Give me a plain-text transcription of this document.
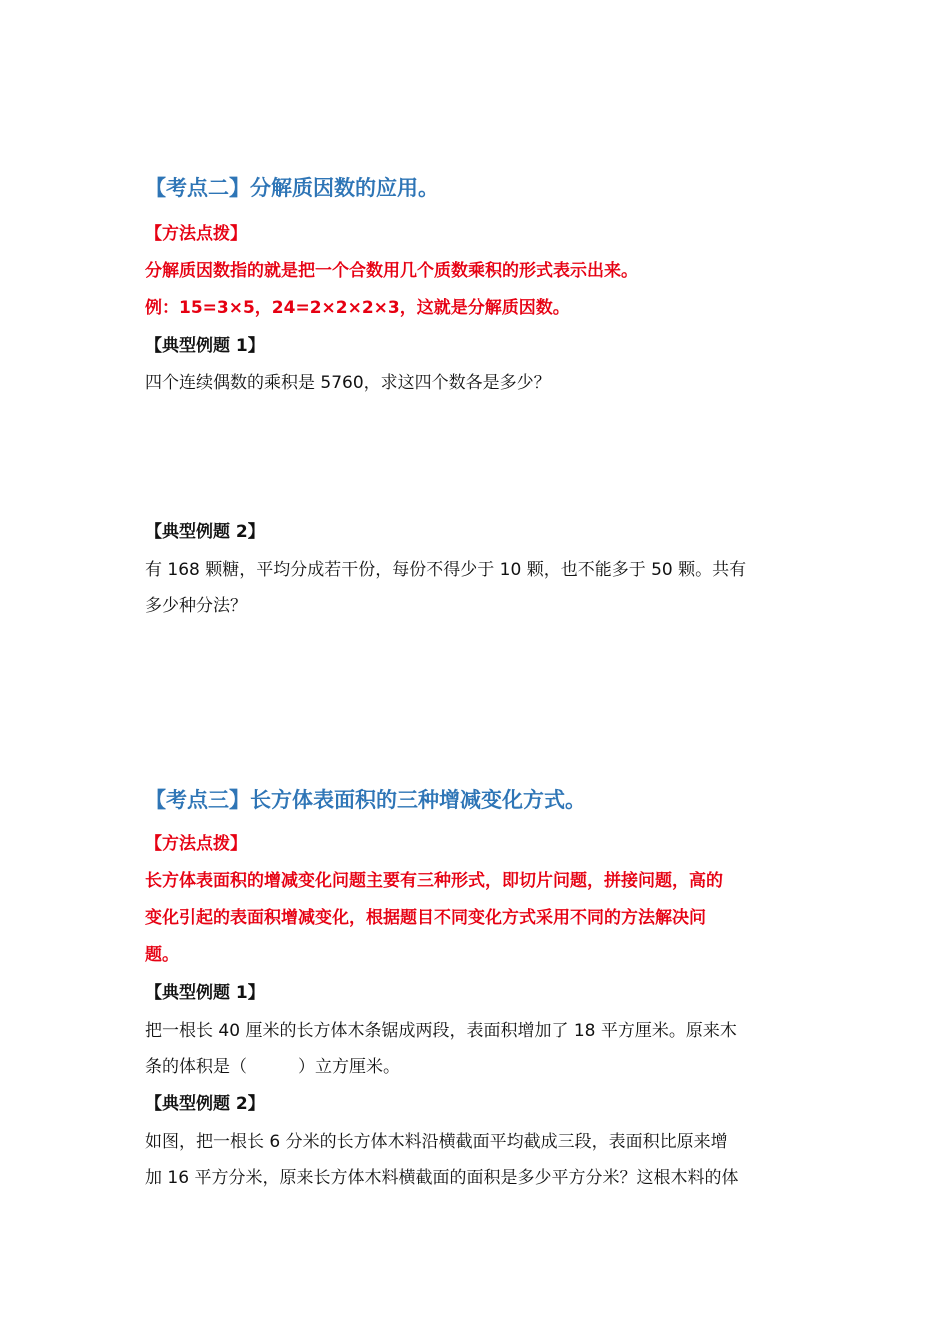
【考点二】分解质因数的应用。
【方法点拨】
分解质因数指的就是把一个合数用几个质数乘积的形式表示出来。
例：15=3×5，24=2×2×2×3，这就是分解质因数。
【典型例题 1】
四个连续偶数的乘积是 5760，求这四个数各是多少？
【典型例题 2】
有 168 颗糖，平均分成若干份，每份不得少于 10 颗，也不能多于 50 颗。共有
多少种分法？
【考点三】长方体表面积的三种增减变化方式。
【方法点拨】
长方体表面积的增减变化问题主要有三种形式，即切片问题，拼接问题，高的
变化引起的表面积增减变化，根据题目不同变化方式采用不同的方法解决问
题。
【典型例题 1】
把一根长 40 厘米的长方体木条锯成两段，表面积增加了 18 平方厘米。原来木
条的体积是（　　　）立方厘米。
【典型例题 2】
如图，把一根长 6 分米的长方体木料沿横截面平均截成三段，表面积比原来增
加 16 平方分米，原来长方体木料横截面的面积是多少平方分米？这根木料的体
